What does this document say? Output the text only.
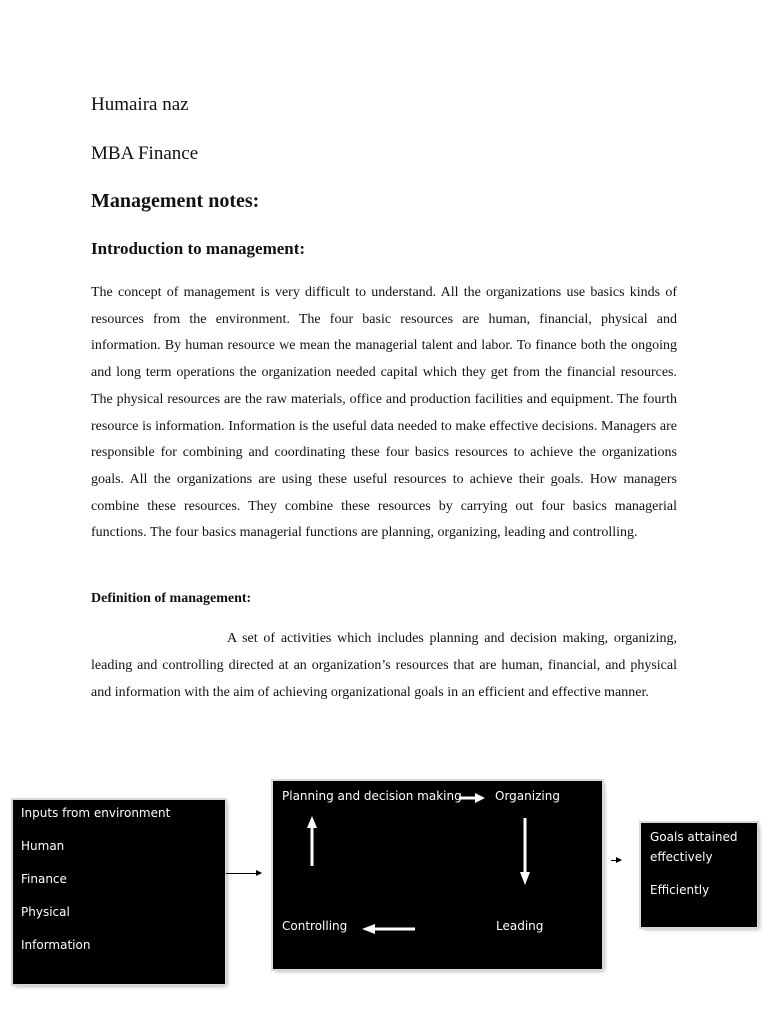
Humaira naz
MBA Finance
Management notes:
Introduction to management:

The concept of management is very difficult to understand. All the organizations use basics kinds of resources from the environment. The four basic resources are human, financial, physical and information. By human resource we mean the managerial talent and labor. To finance both the ongoing and long term operations the organization needed capital which they get from the financial resources. The physical resources are the raw materials, office and production facilities and equipment. The fourth resource is information. Information is the useful data needed to make effective decisions. Managers are responsible for combining and coordinating these four basics resources to achieve the organizations goals. All the organizations are using these useful resources to achieve their goals. How managers combine these resources. They combine these resources by carrying out four basics managerial functions. The four basics managerial functions are planning, organizing, leading and controlling.

Definition of management:

A set of activities which includes planning and decision making, organizing, leading and controlling directed at an organization’s resources that are human, financial, and physical and information with the aim of achieving organizational goals in an efficient and effective manner.

Inputs from environment
Human
Finance
Physical
Information
Planning and decision making	Organizing
Leading
Controlling
Goals attained
effectively
Efficiently
